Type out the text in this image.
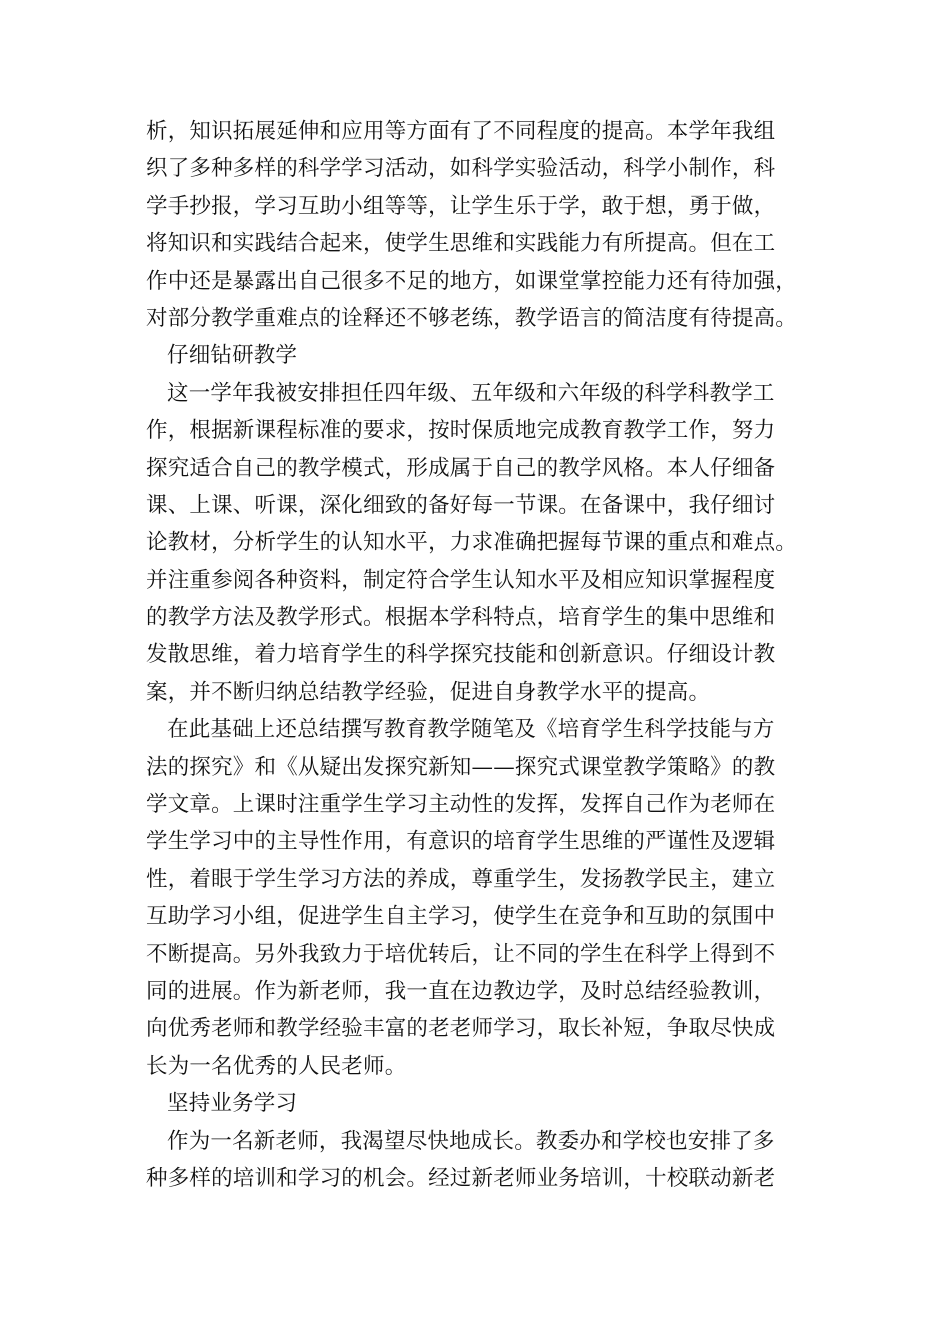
析，知识拓展延伸和应用等方面有了不同程度的提高。本学年我组
织了多种多样的科学学习活动，如科学实验活动，科学小制作，科
学手抄报，学习互助小组等等，让学生乐于学，敢于想，勇于做，
将知识和实践结合起来，使学生思维和实践能力有所提高。但在工
作中还是暴露出自己很多不足的地方，如课堂掌控能力还有待加强，
对部分教学重难点的诠释还不够老练，教学语言的简洁度有待提高。
仔细钻研教学
这一学年我被安排担任四年级、五年级和六年级的科学科教学工
作，根据新课程标准的要求，按时保质地完成教育教学工作，努力
探究适合自己的教学模式，形成属于自己的教学风格。本人仔细备
课、上课、听课，深化细致的备好每一节课。在备课中，我仔细讨
论教材，分析学生的认知水平，力求准确把握每节课的重点和难点。
并注重参阅各种资料，制定符合学生认知水平及相应知识掌握程度
的教学方法及教学形式。根据本学科特点，培育学生的集中思维和
发散思维，着力培育学生的科学探究技能和创新意识。仔细设计教
案，并不断归纳总结教学经验，促进自身教学水平的提高。
在此基础上还总结撰写教育教学随笔及《培育学生科学技能与方
法的探究》和《从疑出发探究新知——探究式课堂教学策略》的教
学文章。上课时注重学生学习主动性的发挥，发挥自己作为老师在
学生学习中的主导性作用，有意识的培育学生思维的严谨性及逻辑
性，着眼于学生学习方法的养成，尊重学生，发扬教学民主，建立
互助学习小组，促进学生自主学习，使学生在竞争和互助的氛围中
不断提高。另外我致力于培优转后，让不同的学生在科学上得到不
同的进展。作为新老师，我一直在边教边学，及时总结经验教训，
向优秀老师和教学经验丰富的老老师学习，取长补短，争取尽快成
长为一名优秀的人民老师。
坚持业务学习
作为一名新老师，我渴望尽快地成长。教委办和学校也安排了多
种多样的培训和学习的机会。经过新老师业务培训，十校联动新老
